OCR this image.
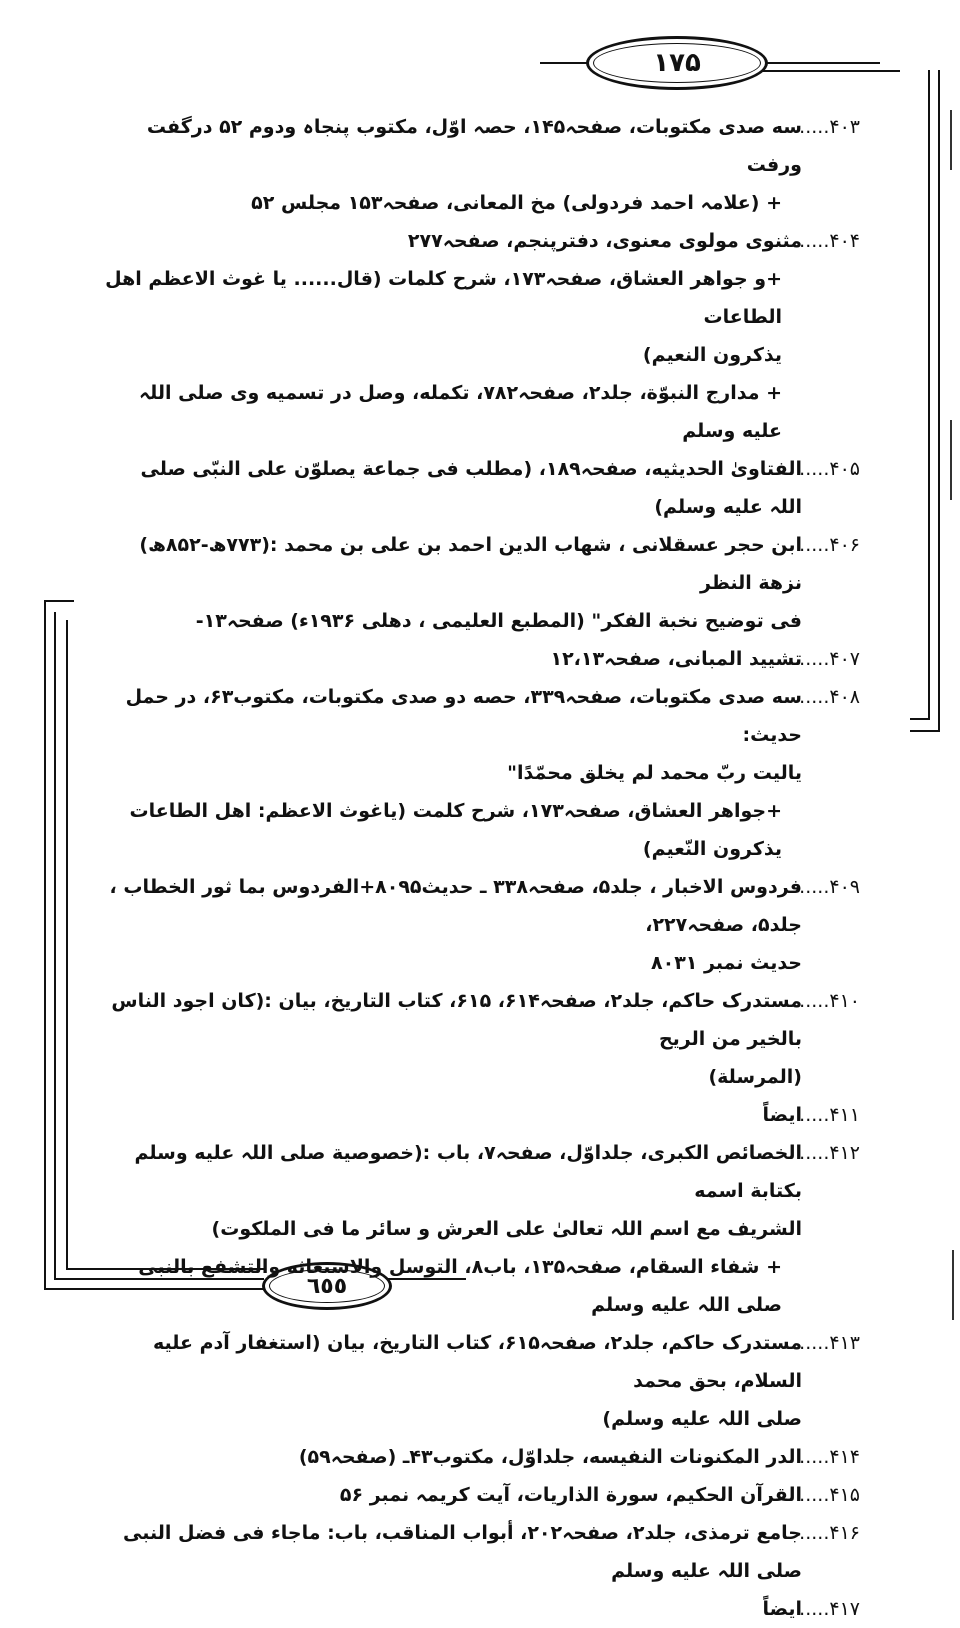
۱۷۵
٦٥٥
۴۰۳ .....
سه صدی مکتوبات، صفحہ۱۴۵، حصہ اوّل، مکتوب پنجاہ ودوم ۵۲ درگفت ورفت
+ (علامہ احمد فردولی) مخ المعانی، صفحہ۱۵۳ مجلس ۵۲
۴۰۴ .....
مثنوی مولوی معنوی، دفترپنجم، صفحہ۲۷۷
+و جواهر العشاق، صفحہ۱۷۳، شرح کلمات (قال...... یا غوث الاعظم اهل الطاعات
یذکرون النعیم)
+ مدارج النبوّة، جلد۲، صفحہ۷۸۲، تکمله، وصل در تسمیه وی صلی اللہ علیه وسلم
۴۰۵ .....
الفتاویٰ الحدیثیه، صفحہ۱۸۹، (مطلب فی جماعة یصلوّن علی النبّی صلی اللہ علیه وسلم)
۴۰۶ .....
ابن حجر عسقلانی ، شهاب الدین احمد بن علی بن محمد :(۷۷۳ھ-۸۵۲ھ) نزهة النظر
فی توضیح نخبة الفکر" (المطبع العلیمی ، دهلی ۱۹۳۶ء) صفحہ۱۳-
۴۰۷ .....
تشیید المبانی، صفحہ۱۲،۱۳
۴۰۸ .....
سه صدی مکتوبات، صفحہ۳۳۹، حصه دو صدی مکتوبات، مکتوب۶۳، در حمل حدیث:
یالیت ربّ محمد لم یخلق محمّدًا"
+جواهر العشاق، صفحہ۱۷۳، شرح کلمت (یاغوث الاعظم: اهل الطاعات یذکرون النّعیم)
۴۰۹ .....
فردوس الاخبار ، جلد۵، صفحہ۳۳۸ ـ حدیث۸۰۹۵+الفردوس بما ثور الخطاب ، جلد۵، صفحہ۲۲۷،
حدیث نمبر ۸۰۳۱
۴۱۰ .....
مستدرک حاکم، جلد۲، صفحہ۶۱۴، ۶۱۵، کتاب التاریخ، بیان :(کان اجود الناس بالخیر من الریح
(المرسلة)
۴۱۱ .....
ایضاً
۴۱۲ .....
الخصائص الکبری، جلداوّل، صفحہ۷، باب :(خصوصیة صلی اللہ علیه وسلم بکتابة اسمه
الشریف مع اسم اللہ تعالیٰ علی العرش و سائر ما فی الملکوت)
+ شفاء السقام، صفحہ۱۳۵، باب۸، التوسل والاستغاثه والتشفع بالنبی صلی اللہ علیه وسلم
۴۱۳ .....
مستدرک حاکم، جلد۲، صفحہ۶۱۵، کتاب التاریخ، بیان (استغفار آدم علیه السلام، بحق محمد
صلی اللہ علیه وسلم)
۴۱۴ .....
الدر المکنونات النفیسه، جلداوّل، مکتوب۴۳ـ (صفحہ۵۹)
۴۱۵ .....
القرآن الحکیم، سورة الذاریات، آیت کریمہ نمبر ۵۶
۴۱۶ .....
جامع ترمذی، جلد۲، صفحہ۲۰۲، أبواب المناقب، باب: ماجاء فی فضل النبی صلی اللہ علیه وسلم
۴۱۷ .....
ایضاً
